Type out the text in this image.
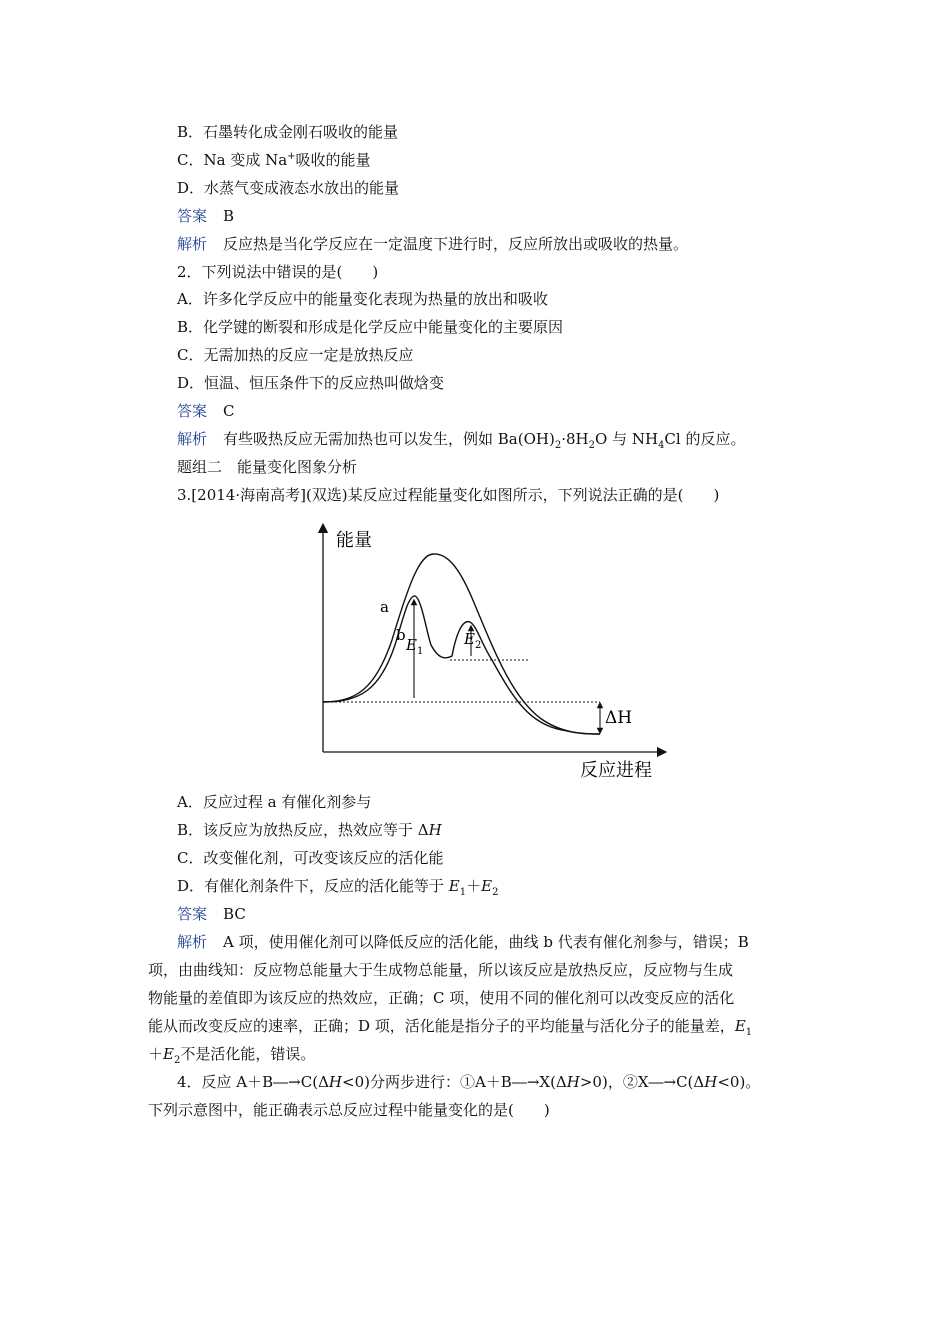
B．石墨转化成金刚石吸收的能量
C．Na 变成 Na+吸收的能量
D．水蒸气变成液态水放出的能量
答案 B
解析 反应热是当化学反应在一定温度下进行时，反应所放出或吸收的热量。
2．下列说法中错误的是(　　)
A．许多化学反应中的能量变化表现为热量的放出和吸收
B．化学键的断裂和形成是化学反应中能量变化的主要原因
C．无需加热的反应一定是放热反应
D．恒温、恒压条件下的反应热叫做焓变
答案 C
解析 有些吸热反应无需加热也可以发生，例如 $Ba(OH)_2\cdot 8H_2O$ 与 $NH_4Cl$ 的反应。
题组二　能量变化图象分析
3.[2014·海南高考](双选)某反应过程能量变化如图所示，下列说法正确的是(　　)
能量
反应进程
a
b
$E_1$
$E_2$
ΔH
A．反应过程 a 有催化剂参与
B．该反应为放热反应，热效应等于 ΔH
C．改变催化剂，可改变该反应的活化能
D．有催化剂条件下，反应的活化能等于 $E_1+E_2$
答案 BC
解析 A 项，使用催化剂可以降低反应的活化能，曲线 b 代表有催化剂参与，错误；B
项，由曲线知：反应物总能量大于生成物总能量，所以该反应是放热反应，反应物与生成
物能量的差值即为该反应的热效应，正确；C 项，使用不同的催化剂可以改变反应的活化
能从而改变反应的速率，正确；D 项，活化能是指分子的平均能量与活化分子的能量差，$E_1$
$+E_2$不是活化能，错误。
4．反应 A＋B―→C(ΔH<0)分两步进行：①A＋B―→X(ΔH>0)，②X―→C(ΔH<0)。
下列示意图中，能正确表示总反应过程中能量变化的是(　　)
